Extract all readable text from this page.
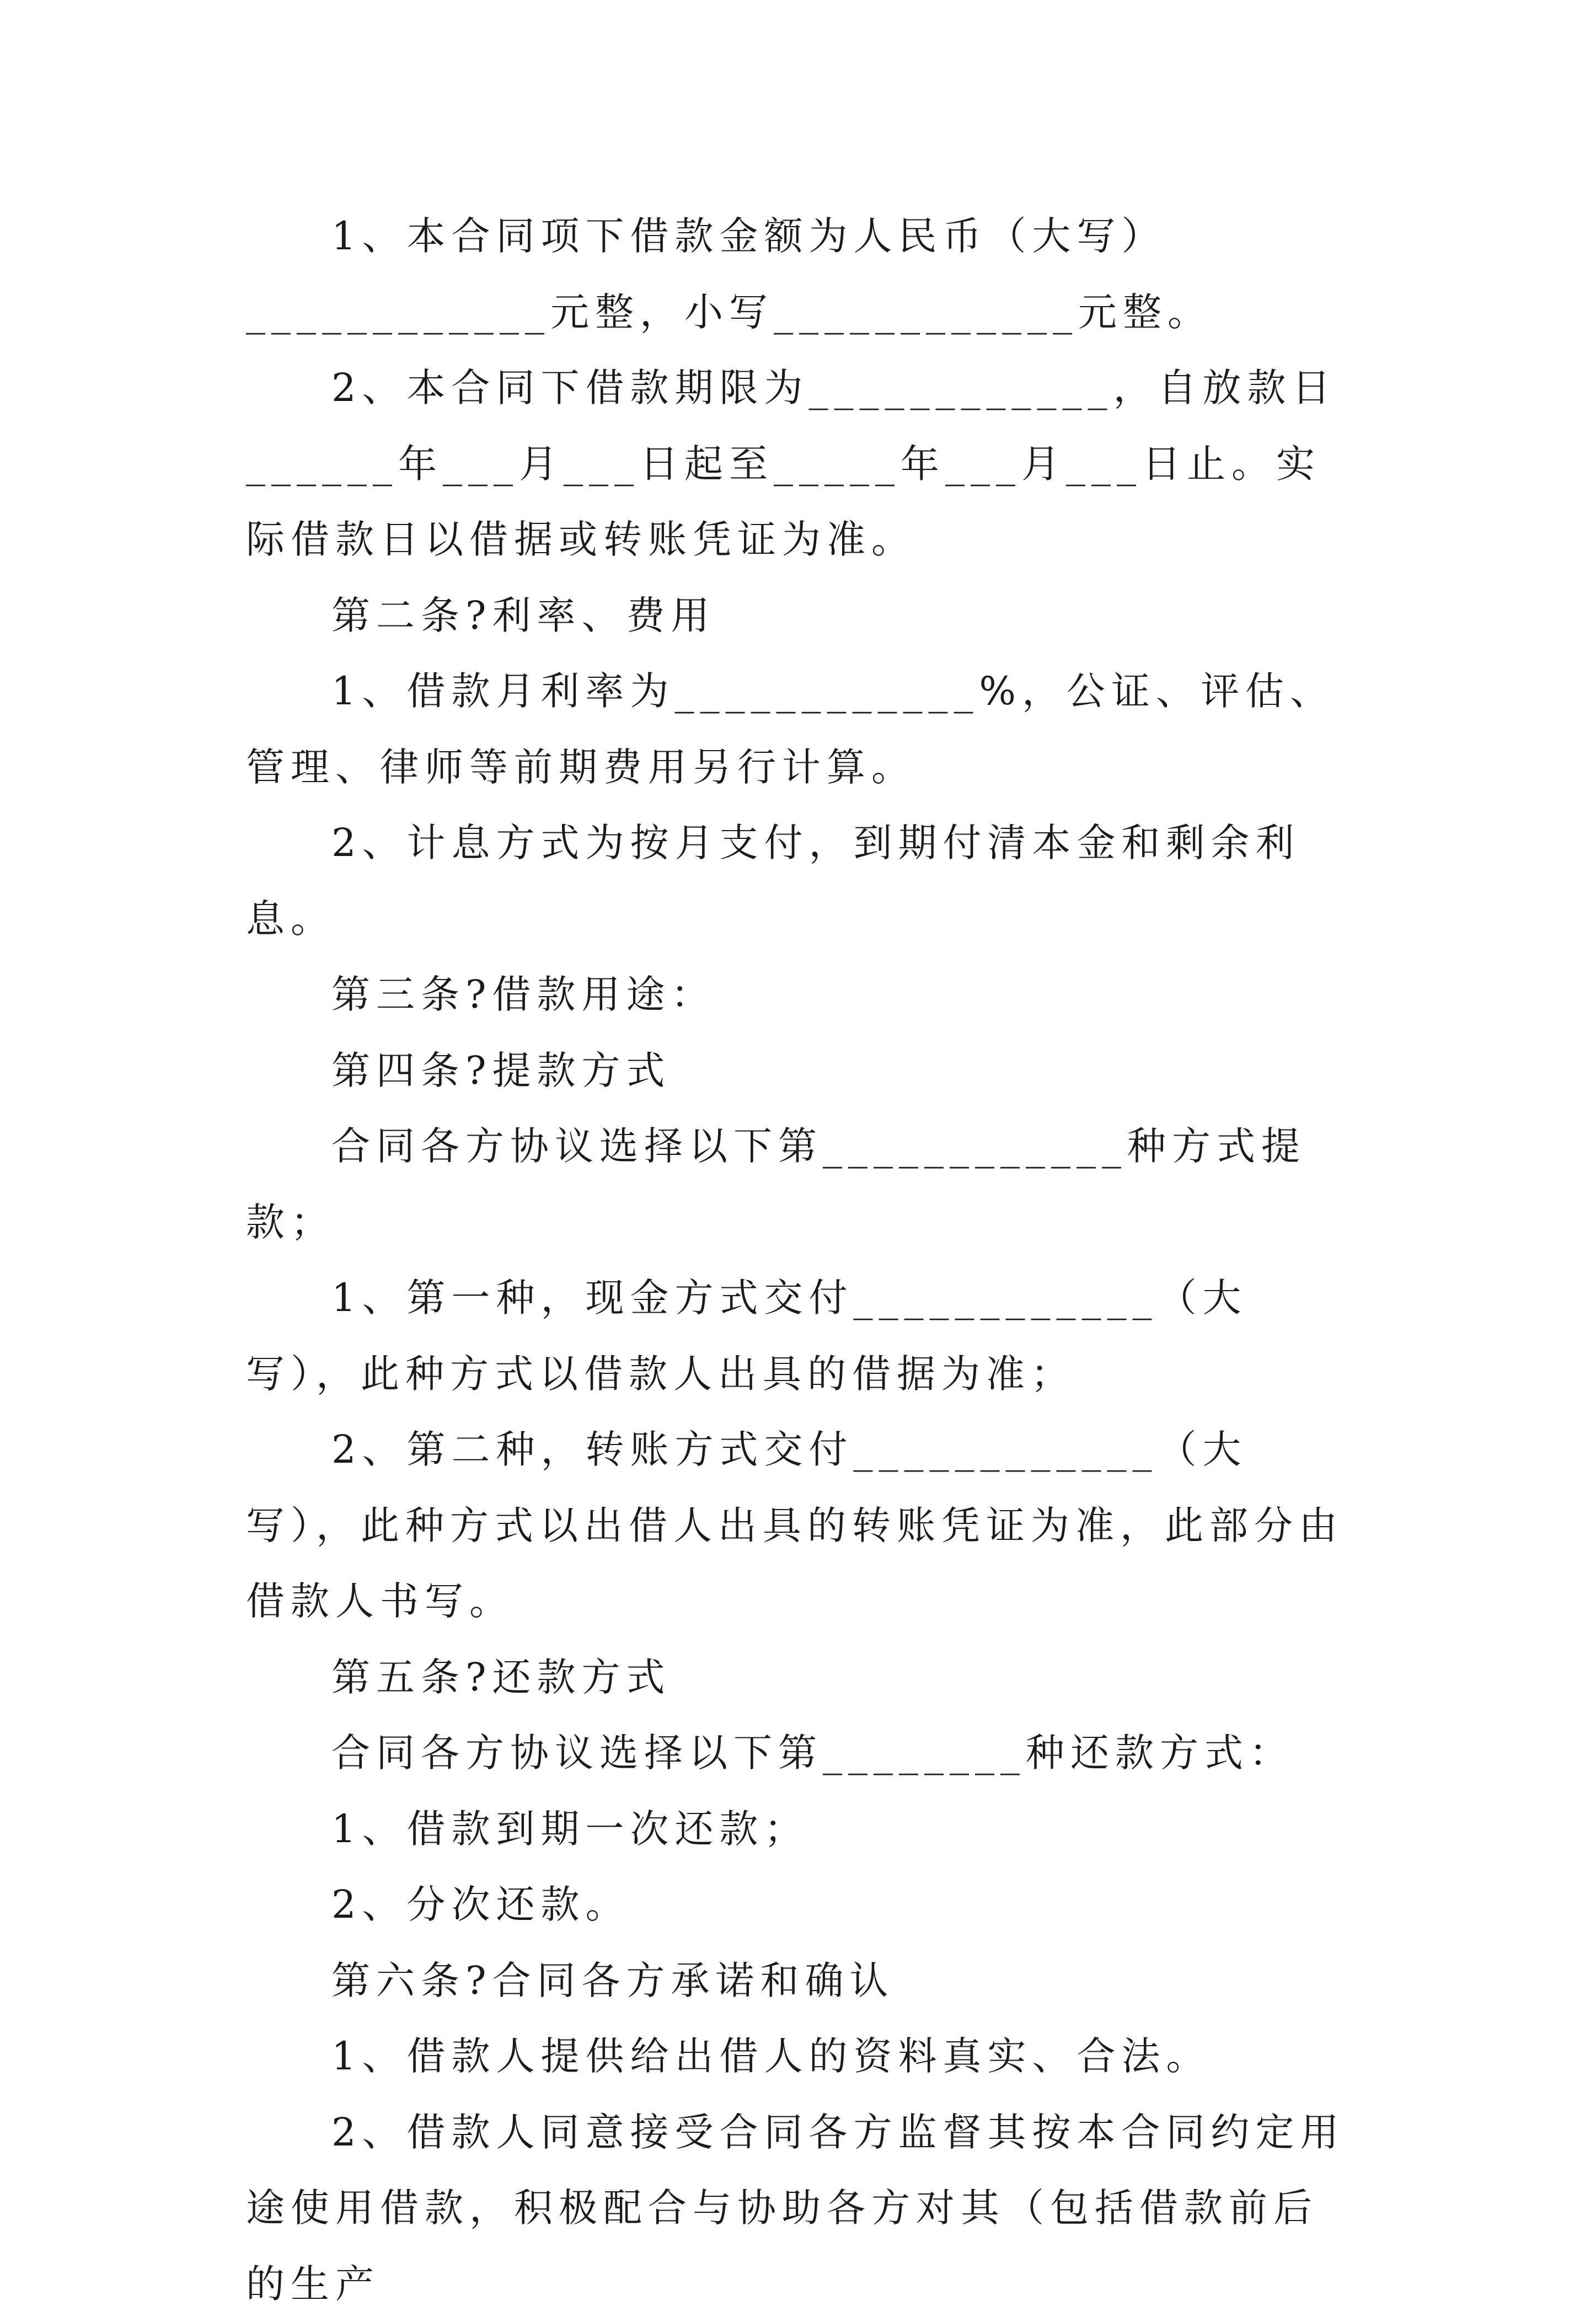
1、本合同项下借款金额为人民币（大写）____________元整，小写____________元整。

2、本合同下借款期限为____________，自放款日______年___月___日起至_____年___月___日止。实际借款日以借据或转账凭证为准。

第二条?利率、费用

1、借款月利率为____________%，公证、评估、管理、律师等前期费用另行计算。

2、计息方式为按月支付，到期付清本金和剩余利息。

第三条?借款用途：

第四条?提款方式

合同各方协议选择以下第____________种方式提款；

1、第一种，现金方式交付____________（大写），此种方式以借款人出具的借据为准；

2、第二种，转账方式交付____________（大写），此种方式以出借人出具的转账凭证为准，此部分由借款人书写。

第五条?还款方式

合同各方协议选择以下第________种还款方式：

1、借款到期一次还款；

2、分次还款。

第六条?合同各方承诺和确认

1、借款人提供给出借人的资料真实、合法。

2、借款人同意接受合同各方监督其按本合同约定用途使用借款，积极配合与协助各方对其（包括借款前后的生产
